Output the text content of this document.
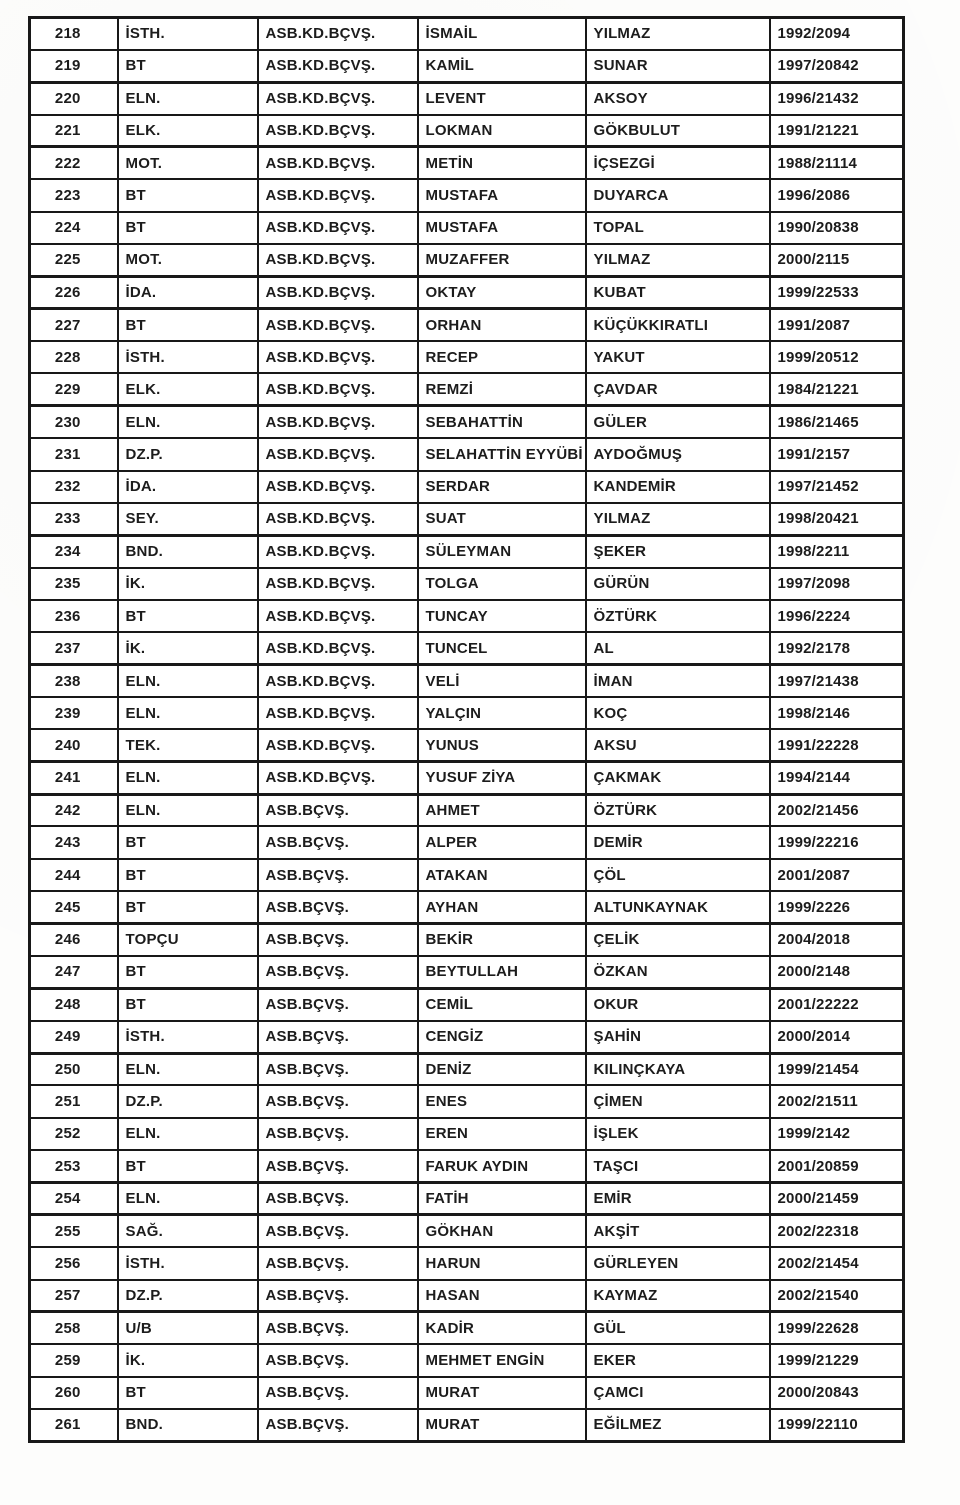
218	İSTH.	ASB.KD.BÇVŞ.	İSMAİL	YILMAZ	1992/2094
219	BT	ASB.KD.BÇVŞ.	KAMİL	SUNAR	1997/20842
220	ELN.	ASB.KD.BÇVŞ.	LEVENT	AKSOY	1996/21432
221	ELK.	ASB.KD.BÇVŞ.	LOKMAN	GÖKBULUT	1991/21221
222	MOT.	ASB.KD.BÇVŞ.	METİN	İÇSEZGİ	1988/21114
223	BT	ASB.KD.BÇVŞ.	MUSTAFA	DUYARCA	1996/2086
224	BT	ASB.KD.BÇVŞ.	MUSTAFA	TOPAL	1990/20838
225	MOT.	ASB.KD.BÇVŞ.	MUZAFFER	YILMAZ	2000/2115
226	İDA.	ASB.KD.BÇVŞ.	OKTAY	KUBAT	1999/22533
227	BT	ASB.KD.BÇVŞ.	ORHAN	KÜÇÜKKIRATLI	1991/2087
228	İSTH.	ASB.KD.BÇVŞ.	RECEP	YAKUT	1999/20512
229	ELK.	ASB.KD.BÇVŞ.	REMZİ	ÇAVDAR	1984/21221
230	ELN.	ASB.KD.BÇVŞ.	SEBAHATTİN	GÜLER	1986/21465
231	DZ.P.	ASB.KD.BÇVŞ.	SELAHATTİN EYYÜBİ	AYDOĞMUŞ	1991/2157
232	İDA.	ASB.KD.BÇVŞ.	SERDAR	KANDEMİR	1997/21452
233	SEY.	ASB.KD.BÇVŞ.	SUAT	YILMAZ	1998/20421
234	BND.	ASB.KD.BÇVŞ.	SÜLEYMAN	ŞEKER	1998/2211
235	İK.	ASB.KD.BÇVŞ.	TOLGA	GÜRÜN	1997/2098
236	BT	ASB.KD.BÇVŞ.	TUNCAY	ÖZTÜRK	1996/2224
237	İK.	ASB.KD.BÇVŞ.	TUNCEL	AL	1992/2178
238	ELN.	ASB.KD.BÇVŞ.	VELİ	İMAN	1997/21438
239	ELN.	ASB.KD.BÇVŞ.	YALÇIN	KOÇ	1998/2146
240	TEK.	ASB.KD.BÇVŞ.	YUNUS	AKSU	1991/22228
241	ELN.	ASB.KD.BÇVŞ.	YUSUF ZİYA	ÇAKMAK	1994/2144
242	ELN.	ASB.BÇVŞ.	AHMET	ÖZTÜRK	2002/21456
243	BT	ASB.BÇVŞ.	ALPER	DEMİR	1999/22216
244	BT	ASB.BÇVŞ.	ATAKAN	ÇÖL	2001/2087
245	BT	ASB.BÇVŞ.	AYHAN	ALTUNKAYNAK	1999/2226
246	TOPÇU	ASB.BÇVŞ.	BEKİR	ÇELİK	2004/2018
247	BT	ASB.BÇVŞ.	BEYTULLAH	ÖZKAN	2000/2148
248	BT	ASB.BÇVŞ.	CEMİL	OKUR	2001/22222
249	İSTH.	ASB.BÇVŞ.	CENGİZ	ŞAHİN	2000/2014
250	ELN.	ASB.BÇVŞ.	DENİZ	KILINÇKAYA	1999/21454
251	DZ.P.	ASB.BÇVŞ.	ENES	ÇİMEN	2002/21511
252	ELN.	ASB.BÇVŞ.	EREN	İŞLEK	1999/2142
253	BT	ASB.BÇVŞ.	FARUK AYDIN	TAŞCI	2001/20859
254	ELN.	ASB.BÇVŞ.	FATİH	EMİR	2000/21459
255	SAĞ.	ASB.BÇVŞ.	GÖKHAN	AKŞİT	2002/22318
256	İSTH.	ASB.BÇVŞ.	HARUN	GÜRLEYEN	2002/21454
257	DZ.P.	ASB.BÇVŞ.	HASAN	KAYMAZ	2002/21540
258	U/B	ASB.BÇVŞ.	KADİR	GÜL	1999/22628
259	İK.	ASB.BÇVŞ.	MEHMET ENGİN	EKER	1999/21229
260	BT	ASB.BÇVŞ.	MURAT	ÇAMCI	2000/20843
261	BND.	ASB.BÇVŞ.	MURAT	EĞİLMEZ	1999/22110
